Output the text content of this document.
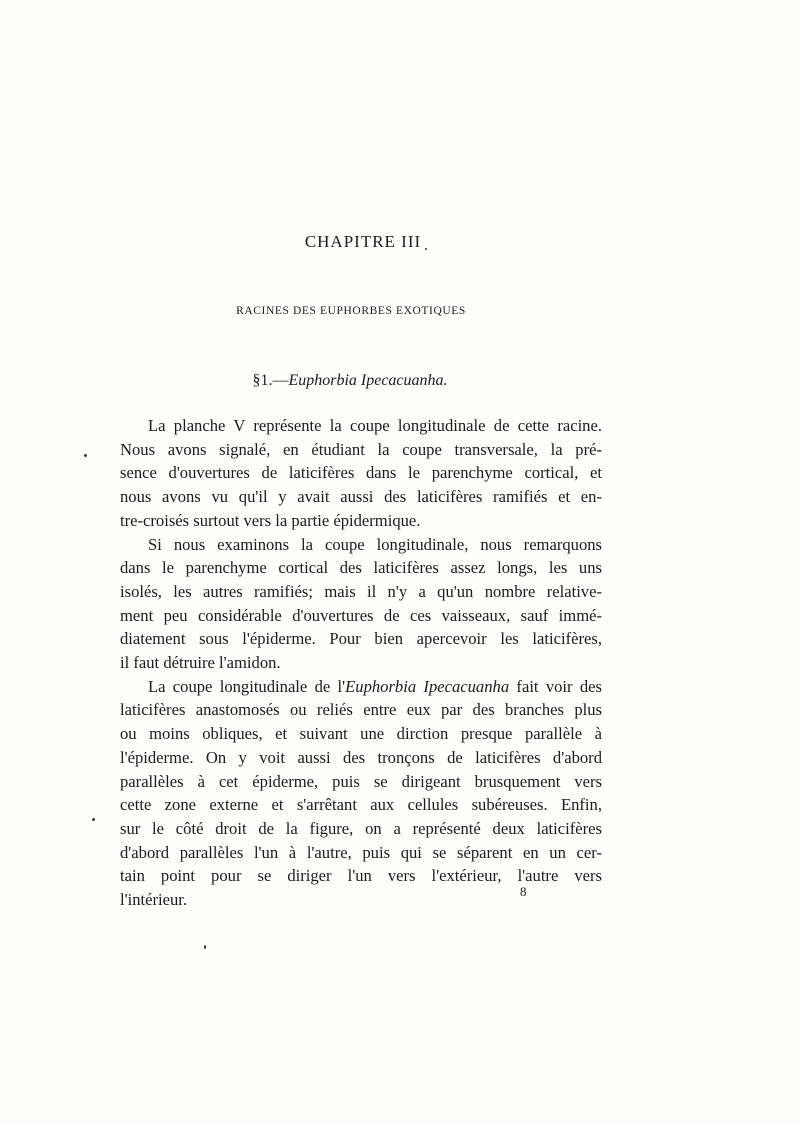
CHAPITRE III
RACINES DES EUPHORBES EXOTIQUES
§1.—Euphorbia Ipecacuanha.
La planche V représente la coupe longitudinale de cette racine.
Nous avons signalé, en étudiant la coupe transversale, la pré-
sence d'ouvertures de laticifères dans le parenchyme cortical, et
nous avons vu qu'il y avait aussi des laticifères ramifiés et en-
tre-croisés surtout vers la partie épidermique.
Si nous examinons la coupe longitudinale, nous remarquons
dans le parenchyme cortical des laticifères assez longs, les uns
isolés, les autres ramifiés; mais il n'y a qu'un nombre relative-
ment peu considérable d'ouvertures de ces vaisseaux, sauf immé-
diatement sous l'épiderme. Pour bien apercevoir les laticifères,
il faut détruire l'amidon.
La coupe longitudinale de l'Euphorbia Ipecacuanha fait voir des
laticifères anastomosés ou reliés entre eux par des branches plus
ou moins obliques, et suivant une dirction presque parallèle à
l'épiderme. On y voit aussi des tronçons de laticifères d'abord
parallèles à cet épiderme, puis se dirigeant brusquement vers
cette zone externe et s'arrêtant aux cellules subéreuses. Enfin,
sur le côté droit de la figure, on a représenté deux laticifères
d'abord parallèles l'un à l'autre, puis qui se séparent en un cer-
tain point pour se diriger l'un vers l'extérieur, l'autre vers
l'intérieur.	8
